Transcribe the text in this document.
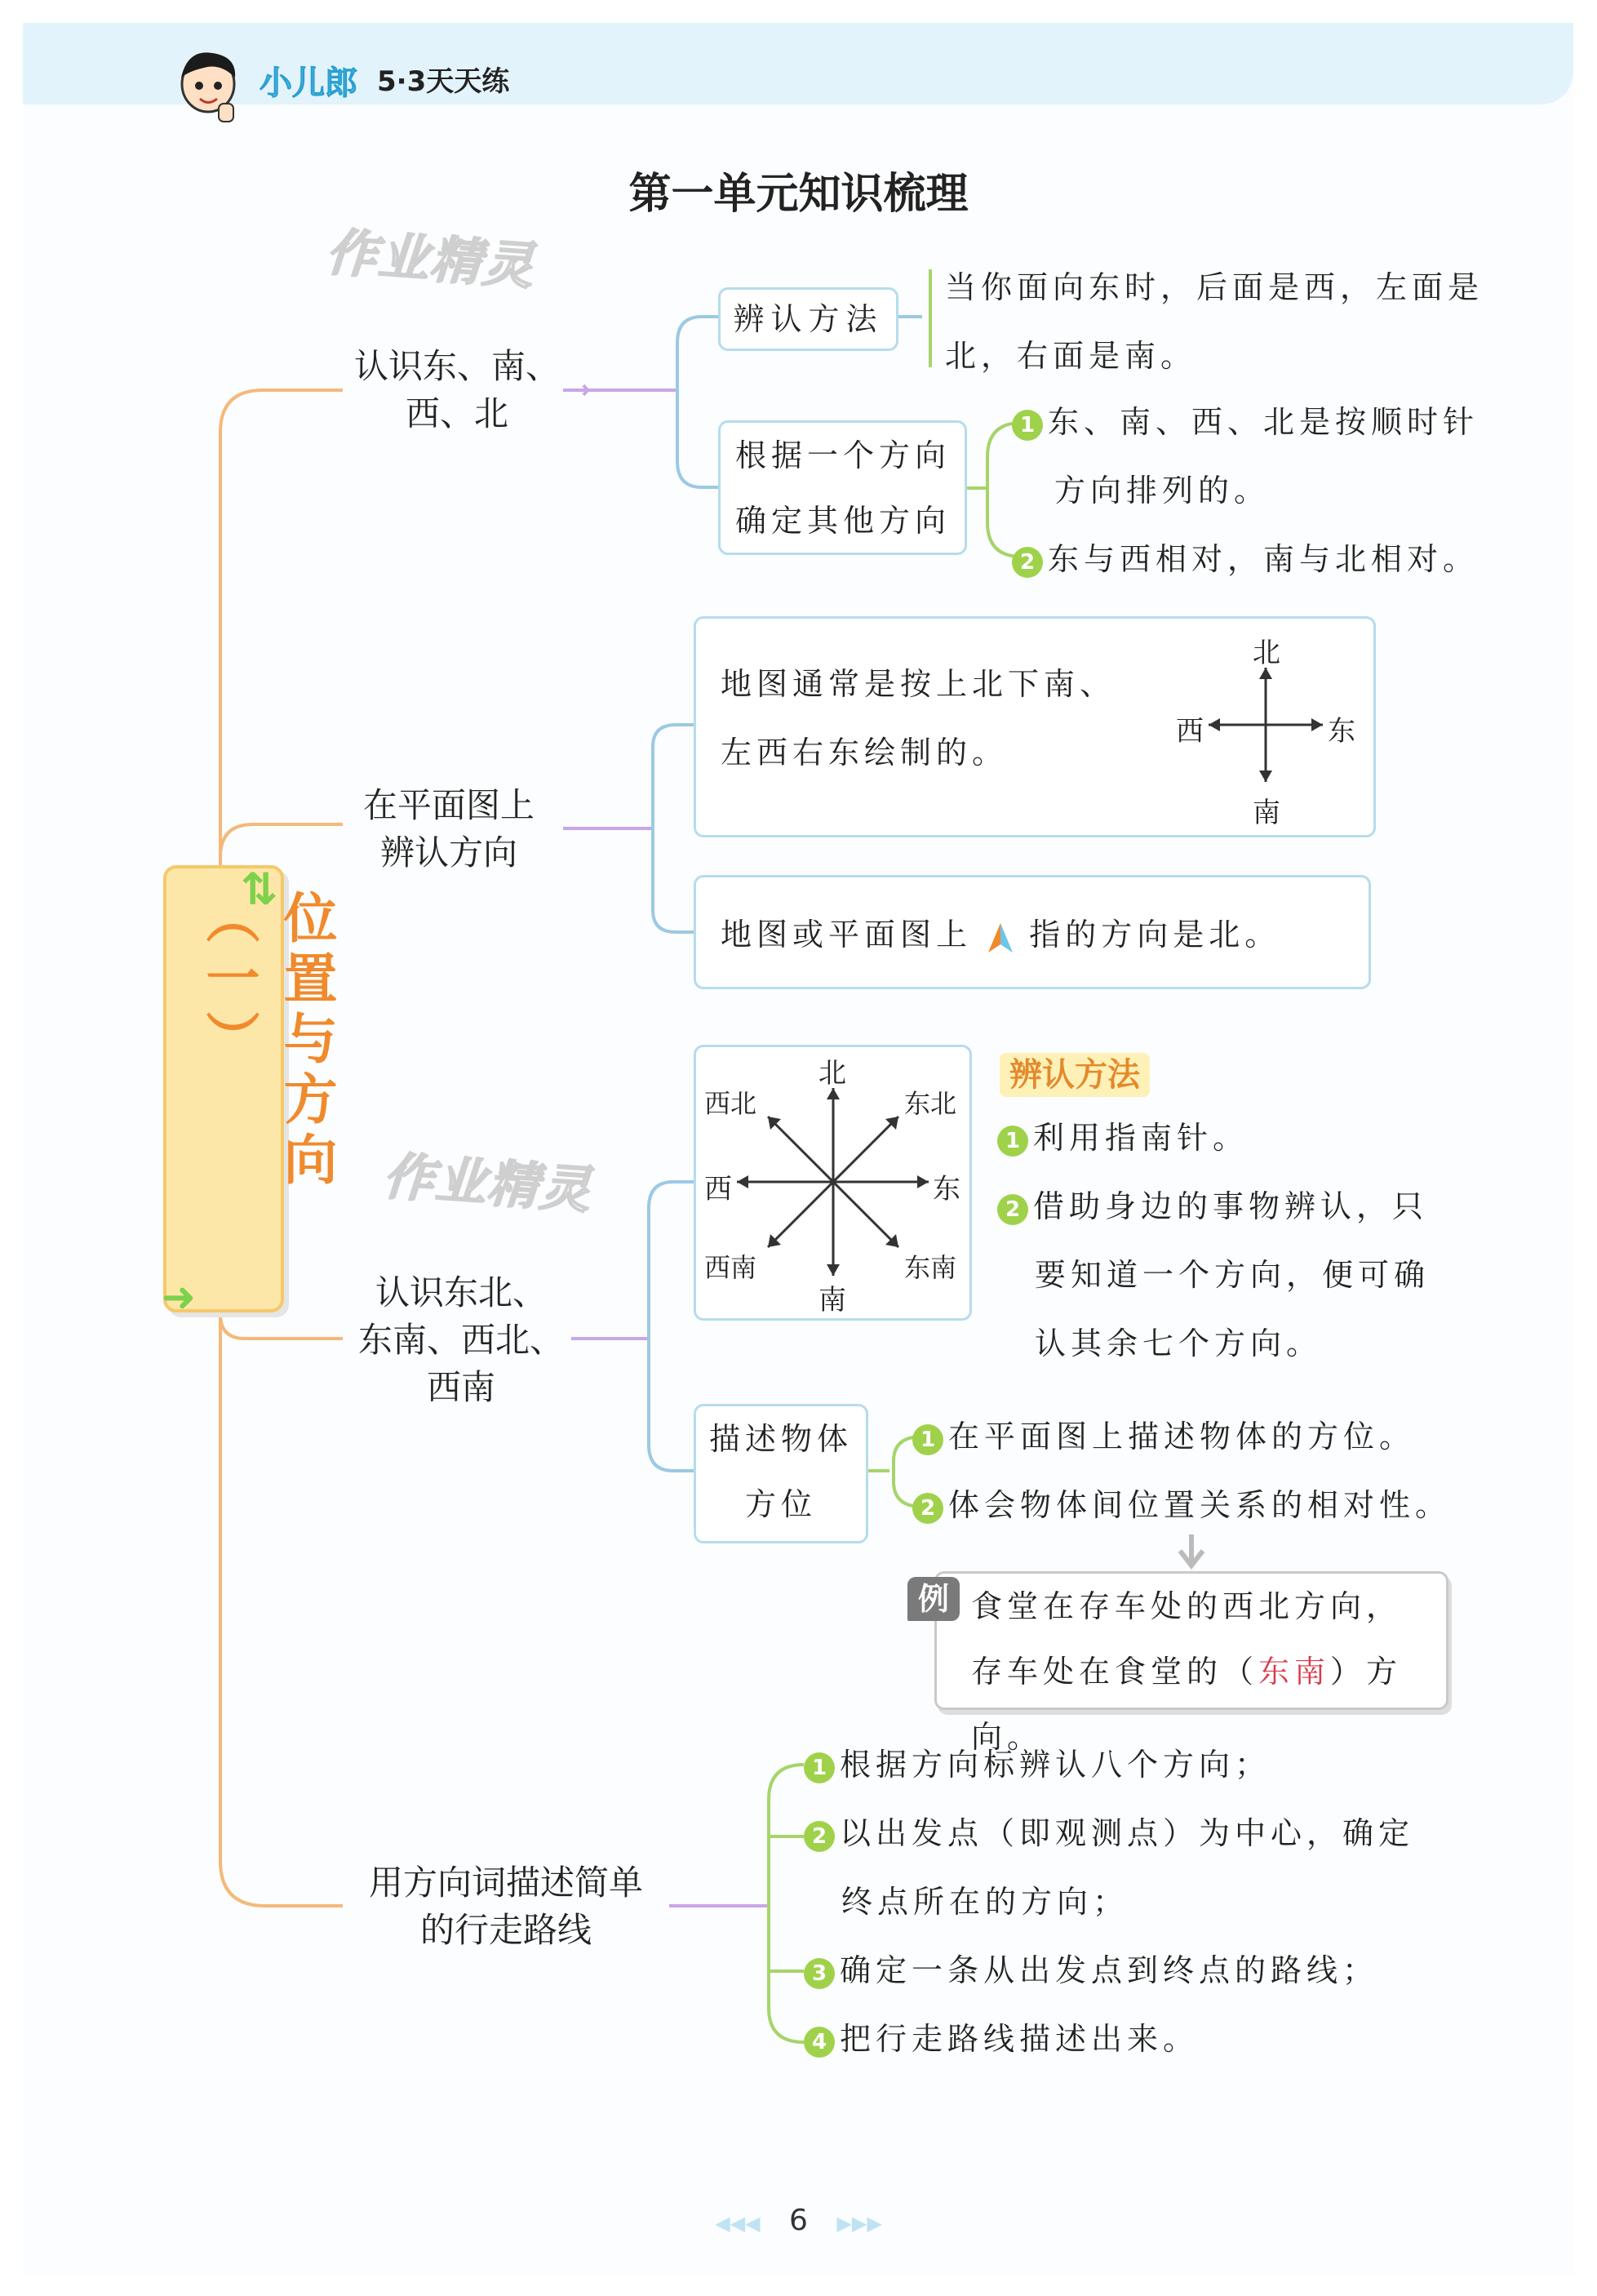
小儿郎 5·3天天练
第一单元知识梳理
作业精灵
作业精灵
位置与方向（一）
⇅
➜
认识东、南、
西、北
辨认方法
当你面向东时，后面是西，左面是
北，右面是南。
根据一个方向
确定其他方向
1 东、南、西、北是按顺时针
方向排列的。
2 东与西相对，南与北相对。
在平面图上
辨认方向
地图通常是按上北下南、
左西右东绘制的。
北
南
西	东
地图或平面图上 指的方向是北。
认识东北、
东南、西北、
西南
北
南
西	东
西北	东北
西南	东南
辨认方法
1 利用指南针。
2 借助身边的事物辨认，只
要知道一个方向，便可确
认其余七个方向。
描述物体
方位
1 在平面图上描述物体的方位。
2 体会物体间位置关系的相对性。
食堂在存车处的西北方向，
存车处在食堂的（东南）方向。
例
用方向词描述简单
的行走路线
1 根据方向标辨认八个方向；
2 以出发点（即观测点）为中心，确定
终点所在的方向；
3 确定一条从出发点到终点的路线；
4 把行走路线描述出来。
◀◀◀ 6 ▶▶▶
